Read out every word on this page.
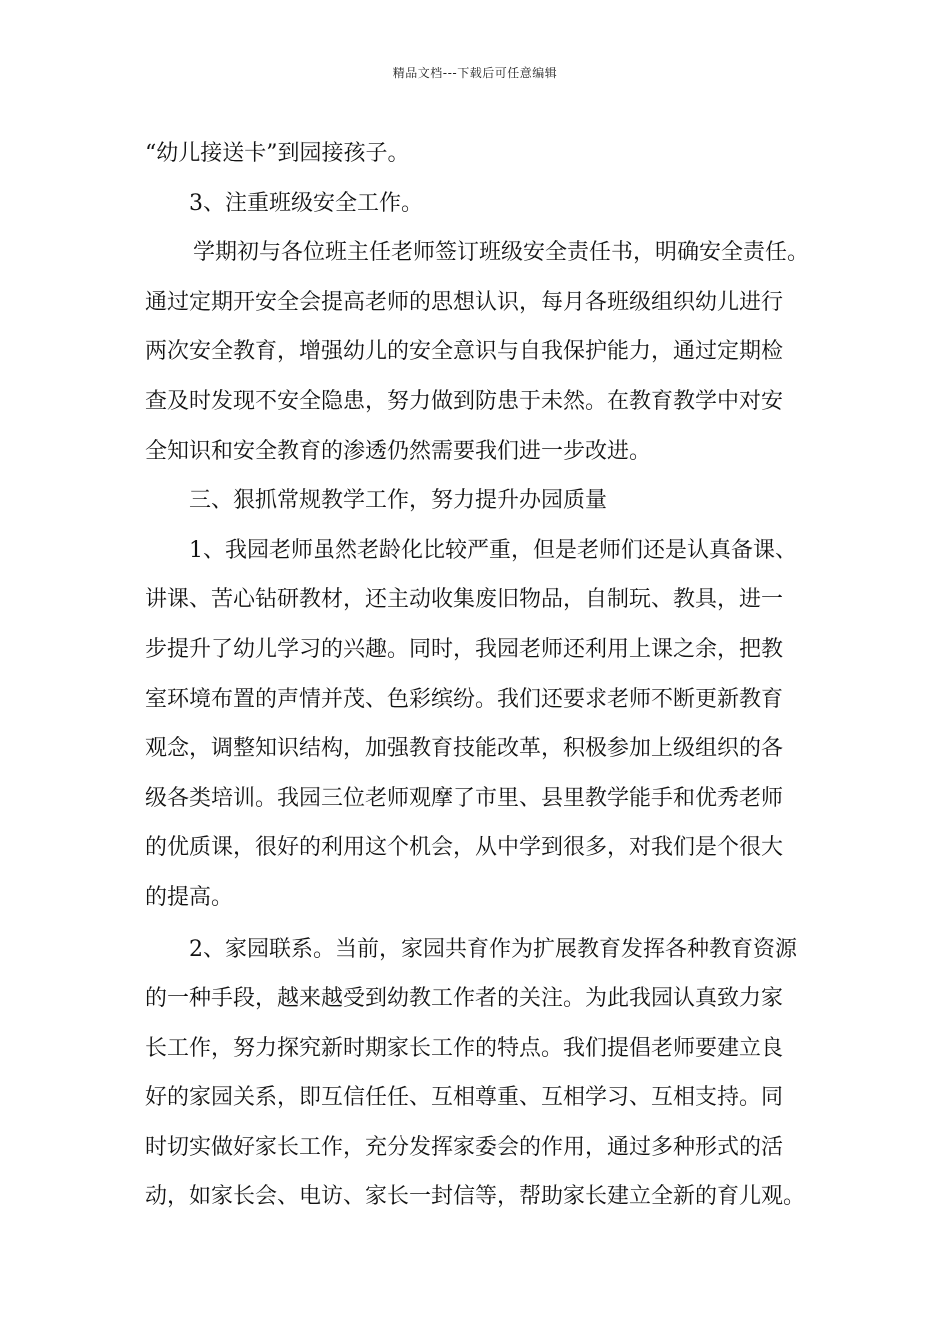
精品文档---下载后可任意编辑
“幼儿接送卡”到园接孩子。
3、注重班级安全工作。
学期初与各位班主任老师签订班级安全责任书，明确安全责任。
通过定期开安全会提高老师的思想认识，每月各班级组织幼儿进行
两次安全教育，增强幼儿的安全意识与自我保护能力，通过定期检
查及时发现不安全隐患，努力做到防患于未然。在教育教学中对安
全知识和安全教育的渗透仍然需要我们进一步改进。
三、狠抓常规教学工作，努力提升办园质量
1、我园老师虽然老龄化比较严重，但是老师们还是认真备课、
讲课、苦心钻研教材，还主动收集废旧物品，自制玩、教具，进一
步提升了幼儿学习的兴趣。同时，我园老师还利用上课之余，把教
室环境布置的声情并茂、色彩缤纷。我们还要求老师不断更新教育
观念，调整知识结构，加强教育技能改革，积极参加上级组织的各
级各类培训。我园三位老师观摩了市里、县里教学能手和优秀老师
的优质课，很好的利用这个机会，从中学到很多，对我们是个很大
的提高。
2、家园联系。当前，家园共育作为扩展教育发挥各种教育资源
的一种手段，越来越受到幼教工作者的关注。为此我园认真致力家
长工作，努力探究新时期家长工作的特点。我们提倡老师要建立良
好的家园关系，即互信任任、互相尊重、互相学习、互相支持。同
时切实做好家长工作，充分发挥家委会的作用，通过多种形式的活
动，如家长会、电访、家长一封信等，帮助家长建立全新的育儿观。
